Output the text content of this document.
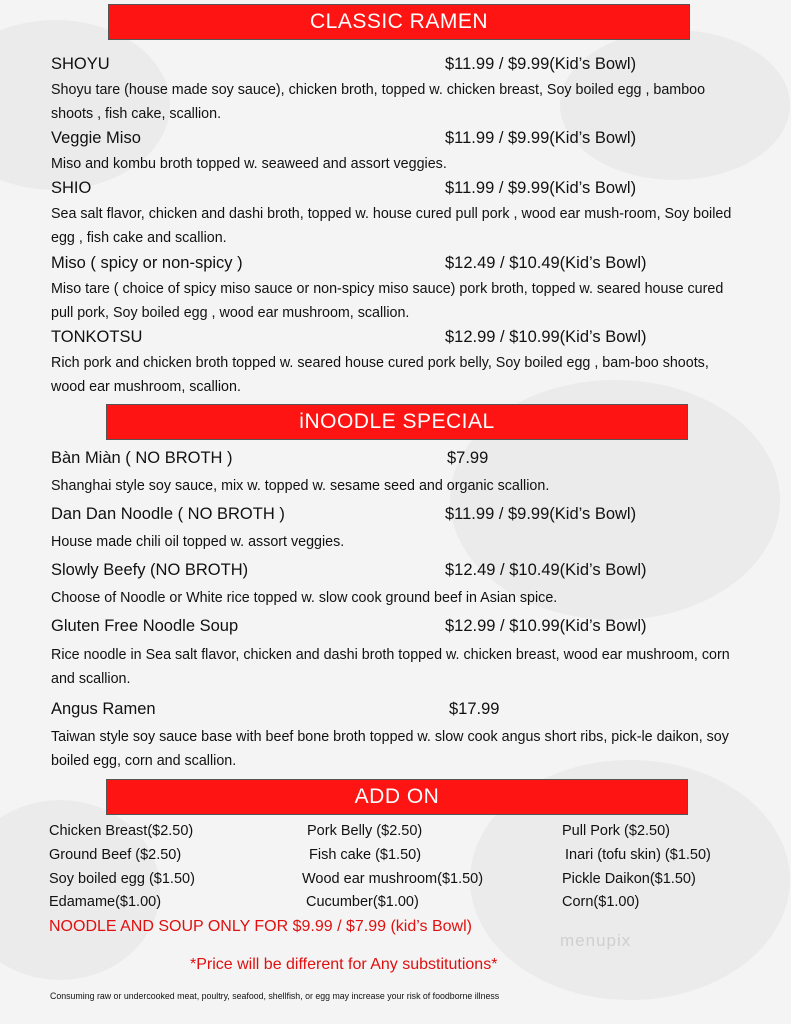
CLASSIC RAMEN
SHOYU	$11.99 / $9.99(Kid’s Bowl)
Shoyu tare (house made soy sauce), chicken broth, topped w. chicken breast, Soy boiled egg , bamboo shoots , fish cake, scallion.
Veggie Miso	$11.99 / $9.99(Kid’s Bowl)
Miso and kombu broth topped w. seaweed and assort veggies.
SHIO	$11.99 / $9.99(Kid’s Bowl)
Sea salt flavor, chicken and dashi broth, topped w. house cured pull pork , wood ear mush-room, Soy boiled egg , fish cake and scallion.
Miso ( spicy or non-spicy )	$12.49 / $10.49(Kid’s Bowl)
Miso tare ( choice of spicy miso sauce or non-spicy miso sauce) pork broth, topped w. seared house cured pull pork, Soy boiled egg , wood ear mushroom, scallion.
TONKOTSU	$12.99 / $10.99(Kid’s Bowl)
Rich pork and chicken broth topped w. seared house cured pork belly, Soy boiled egg , bam-boo shoots, wood ear mushroom, scallion.
iNOODLE SPECIAL
Bàn Miàn ( NO BROTH )	$7.99
Shanghai style soy sauce, mix w. topped w. sesame seed and organic scallion.
Dan Dan Noodle ( NO BROTH )	$11.99 / $9.99(Kid’s Bowl)
House made chili oil topped w. assort veggies.
Slowly Beefy (NO BROTH)	$12.49 / $10.49(Kid’s Bowl)
Choose of Noodle or White rice topped w. slow cook ground beef in Asian spice.
Gluten Free Noodle Soup	$12.99 / $10.99(Kid’s Bowl)
Rice noodle in Sea salt flavor, chicken and dashi broth topped w. chicken breast, wood ear mushroom, corn and scallion.
Angus Ramen	$17.99
Taiwan style soy sauce base with beef bone broth topped w. slow cook angus short ribs, pick-le daikon, soy boiled egg, corn and scallion.
ADD ON
Chicken Breast($2.50)	Pork Belly ($2.50)	Pull Pork ($2.50)
Ground Beef ($2.50)	Fish cake ($1.50)	Inari (tofu skin) ($1.50)
Soy boiled egg ($1.50)	Wood ear mushroom($1.50)	Pickle Daikon($1.50)
Edamame($1.00)	Cucumber($1.00)	Corn($1.00)
NOODLE AND SOUP ONLY FOR $9.99 / $7.99 (kid’s Bowl)
*Price will be different for Any substitutions*
menupix
Consuming raw or undercooked meat, poultry, seafood, shellfish, or egg may increase your risk of foodborne illness
